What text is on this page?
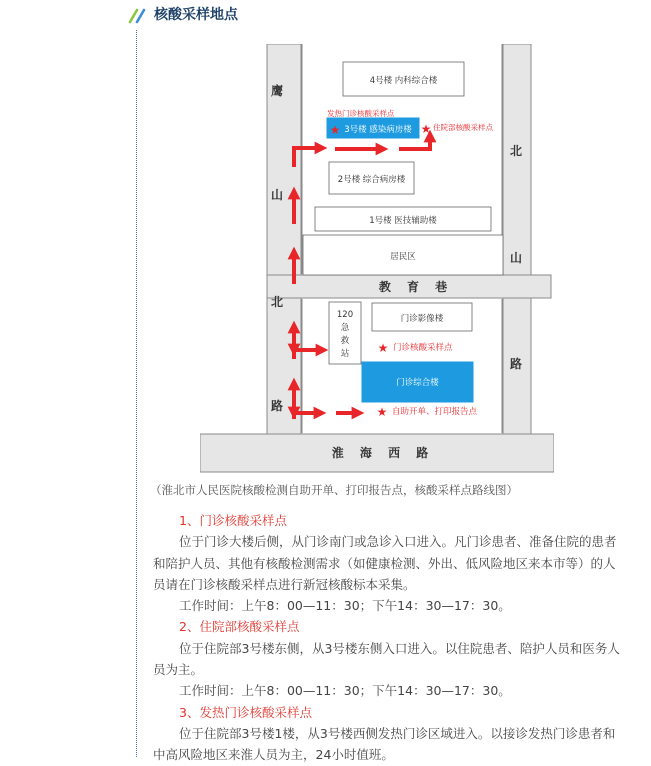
核酸采样地点
4号楼 内科综合楼
3号楼 感染病房楼
2号楼 综合病房楼
1号楼 医技辅助楼
居民区
120
急
救
站
门诊影像楼
门诊综合楼
鹰
山
北
路
北
山
路
教 育 巷
淮 海 西 路
★	★
★
★
发热门诊核酸采样点
住院部核酸采样点
门诊核酸采样点
自助开单、打印报告点
（淮北市人民医院核酸检测自助开单、打印报告点，核酸采样点路线图）

1、门诊核酸采样点

位于门诊大楼后侧，从门诊南门或急诊入口进入。凡门诊患者、准备住院的患者和陪护人员、其他有核酸检测需求（如健康检测、外出、低风险地区来本市等）的人员请在门诊核酸采样点进行新冠核酸标本采集。

工作时间：上午8：00—11：30；下午14：30—17：30。

2、住院部核酸采样点

位于住院部3号楼东侧，从3号楼东侧入口进入。以住院患者、陪护人员和医务人员为主。

工作时间：上午8：00—11：30；下午14：30—17：30。

3、发热门诊核酸采样点

位于住院部3号楼1楼，从3号楼西侧发热门诊区域进入。以接诊发热门诊患者和中高风险地区来淮人员为主，24小时值班。
